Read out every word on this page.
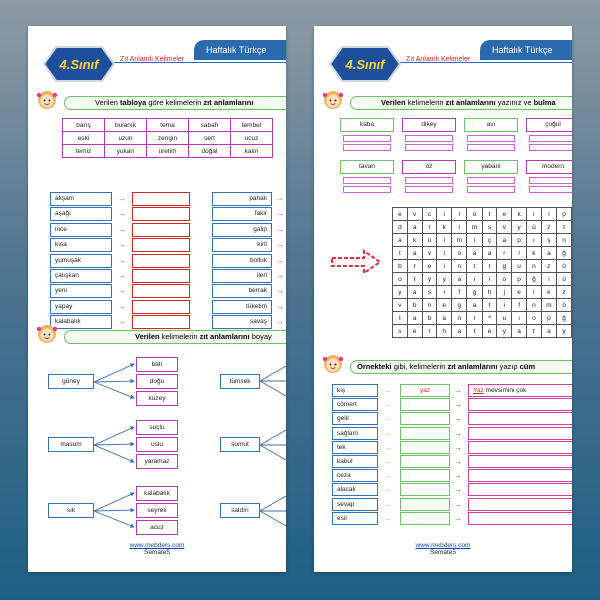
Haftalık Türkçe
4.Sınıf	Zıt Anlamlı Kelimeler
Verilen tabloya göre kelimelerin zıt anlamlarını
barış	bulanık	tema	sabah	tembel
eski	uzun	zengin	sert	ucuz
temiz	yukarı	üretim	doğal	kalın
akşam	→
aşağı	→
ince	→
kısa	→
yumuşak	→
çalışkan	→
yeni	→
yapay	→
kalabalık	→
pahalı	→
fakir	→
galip	→
kirli	→
bolluk	→
ileri	→
berrak	→
tüketim	→
savaş	→
Verilen kelimelerin zıt anlamlarını boyay
güney
batı
doğu
kuzey
tümsek
masum
suçlu
uslu
yaramaz
somut
sık
kalabalık
seyrek
acuz
saldırı
www.mebders.com
Semate5
Haftalık Türkçe
4.Sınıf	Zıt Anlamlı Kelimeler
Verilen kelimelerin zıt anlamlarını yazınız ve bulma
kaba	dikey	avı	çoğul
tavan	öz	yabani	modern
e	v	c	i	l	o	t	e	k	i	l	p
d	a	r	k	i	m	s	v	y	ü	z	t
a	k	ü	i	m	ı	ç	a	p	ı	ş	n
t	a	v	l	o	a	a	r	l	k	a	ğ
b	r	e	i	n	t	t	g	u	n	z	ö
o	t	y	y	a	i	i	o	p	ğ	i	ü
y	a	s	ı	f	g	h	j	e	l	k	z
v	b	n	e	g	a	t	i	f	n	m	ö
t	a	b	a	n	r	ª	u	ı	o	p	ğ
s	e	r	h	a	t	e	y	a	t	a	y
Örnekteki gibi, kelimelerin zıt anlamlarını yazıp cüm
kış	→	yaz	→	Yaz mevsimini çok
cömert	→	→
gelir	→	→
sağlam	→	→
tek	→	→
kabul	→	→
ceza	→	→
alacak	→	→
sevap	→	→
esir	→	→
www.mebders.com
Semate5
